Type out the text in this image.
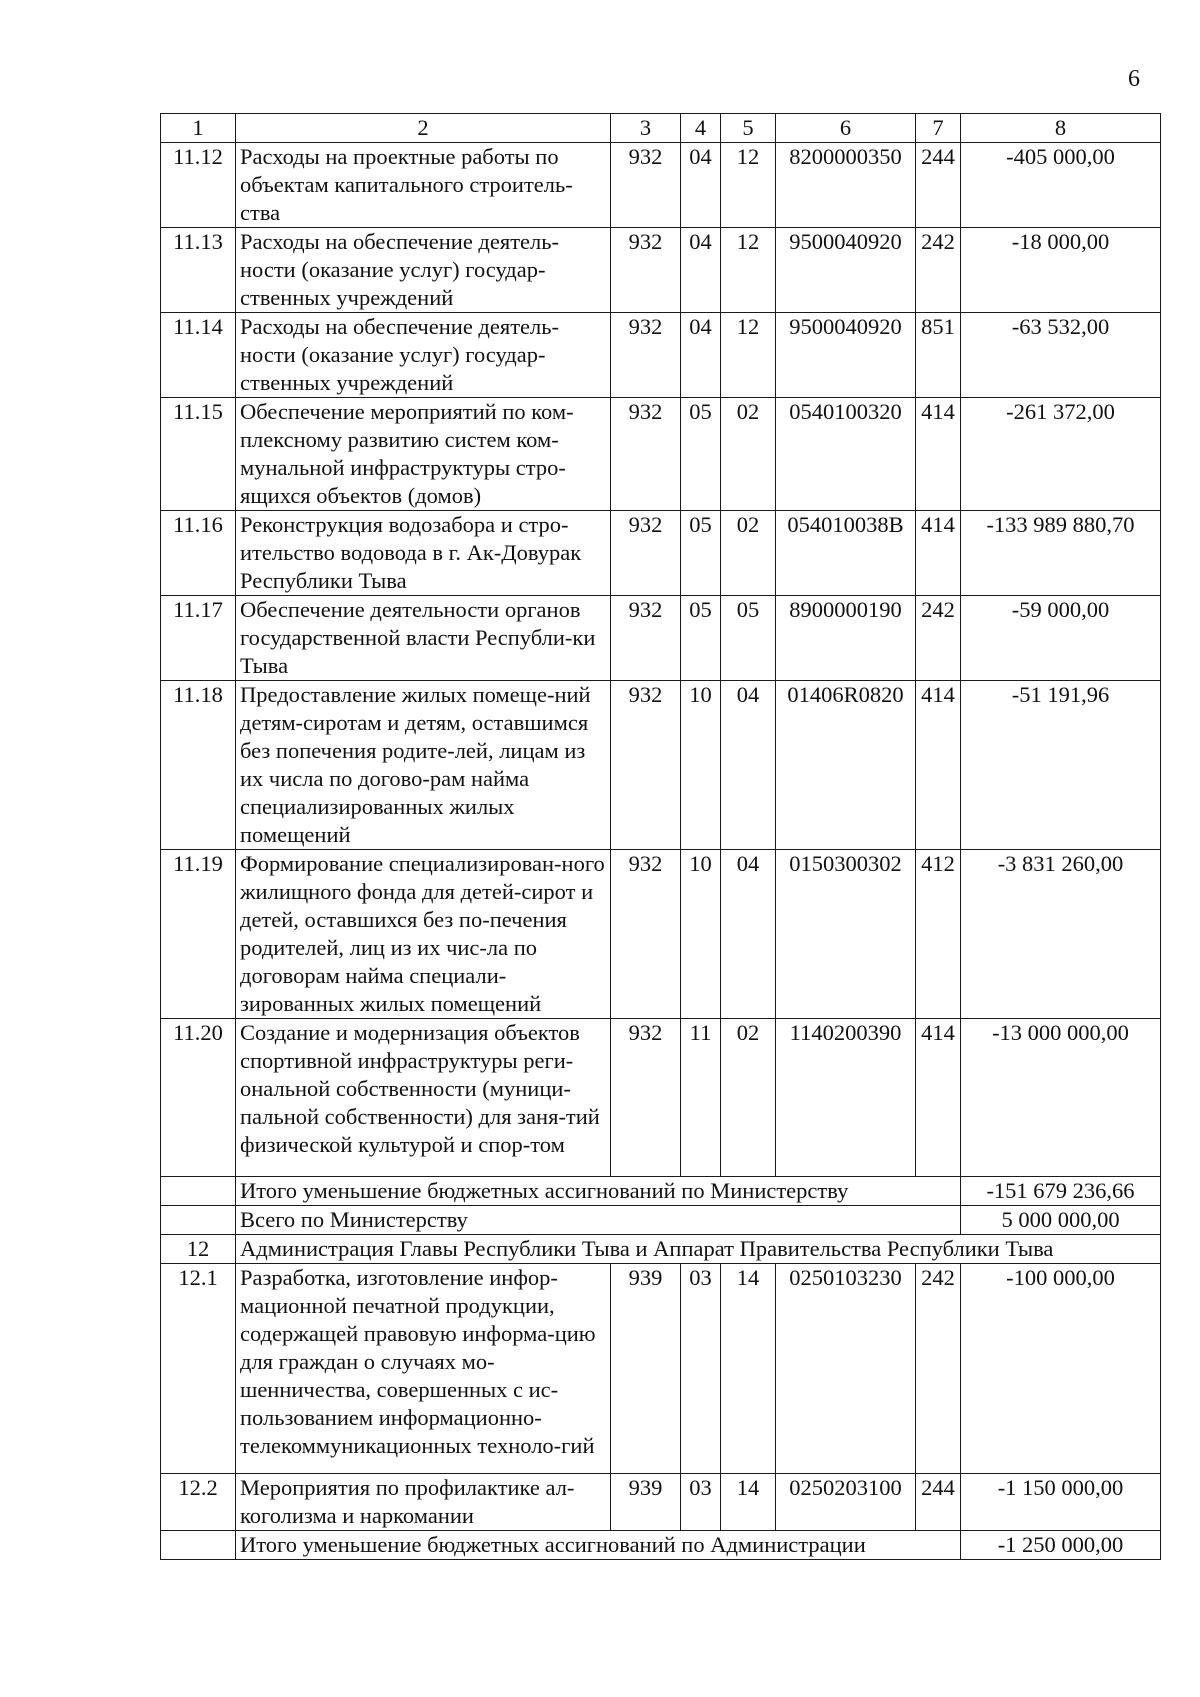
6
1	2	3	4	5	6	7	8
11.12	Расходы на проектные работы по объектам капитального строитель-ства	932	04	12	8200000350	244	-405 000,00
11.13	Расходы на обеспечение деятель-ности (оказание услуг) государ-ственных учреждений	932	04	12	9500040920	242	-18 000,00
11.14	Расходы на обеспечение деятель-ности (оказание услуг) государ-ственных учреждений	932	04	12	9500040920	851	-63 532,00
11.15	Обеспечение мероприятий по ком-плексному развитию систем ком-мунальной инфраструктуры стро-ящихся объектов (домов)	932	05	02	0540100320	414	-261 372,00
11.16	Реконструкция водозабора и стро-ительство водовода в г. Ак-Довурак Республики Тыва	932	05	02	054010038В	414	-133 989 880,70
11.17	Обеспечение деятельности органов государственной власти Республи-ки Тыва	932	05	05	8900000190	242	-59 000,00
11.18	Предоставление жилых помеще-ний детям-сиротам и детям, оставшимся без попечения родите-лей, лицам из их числа по догово-рам найма специализированных жилых помещений	932	10	04	01406R0820	414	-51 191,96
11.19	Формирование специализирован-ного жилищного фонда для детей-сирот и детей, оставшихся без по-печения родителей, лиц из их чис-ла по договорам найма специали-зированных жилых помещений	932	10	04	0150300302	412	-3 831 260,00
11.20	Создание и модернизация объектов спортивной инфраструктуры реги-ональной собственности (муници-пальной собственности) для заня-тий физической культурой и спор-том	932	11	02	1140200390	414	-13 000 000,00
	Итого уменьшение бюджетных ассигнований по Министерству						-151 679 236,66
	Всего по Министерству						5 000 000,00
12	Администрация Главы Республики Тыва и Аппарат Правительства Республики Тыва						
12.1	Разработка, изготовление инфор-мационной печатной продукции, содержащей правовую информа-цию для граждан о случаях мо-шенничества, совершенных с ис-пользованием информационно-телекоммуникационных техноло-гий	939	03	14	0250103230	242	-100 000,00
12.2	Мероприятия по профилактике ал-коголизма и наркомании	939	03	14	0250203100	244	-1 150 000,00
	Итого уменьшение бюджетных ассигнований по Администрации						-1 250 000,00
